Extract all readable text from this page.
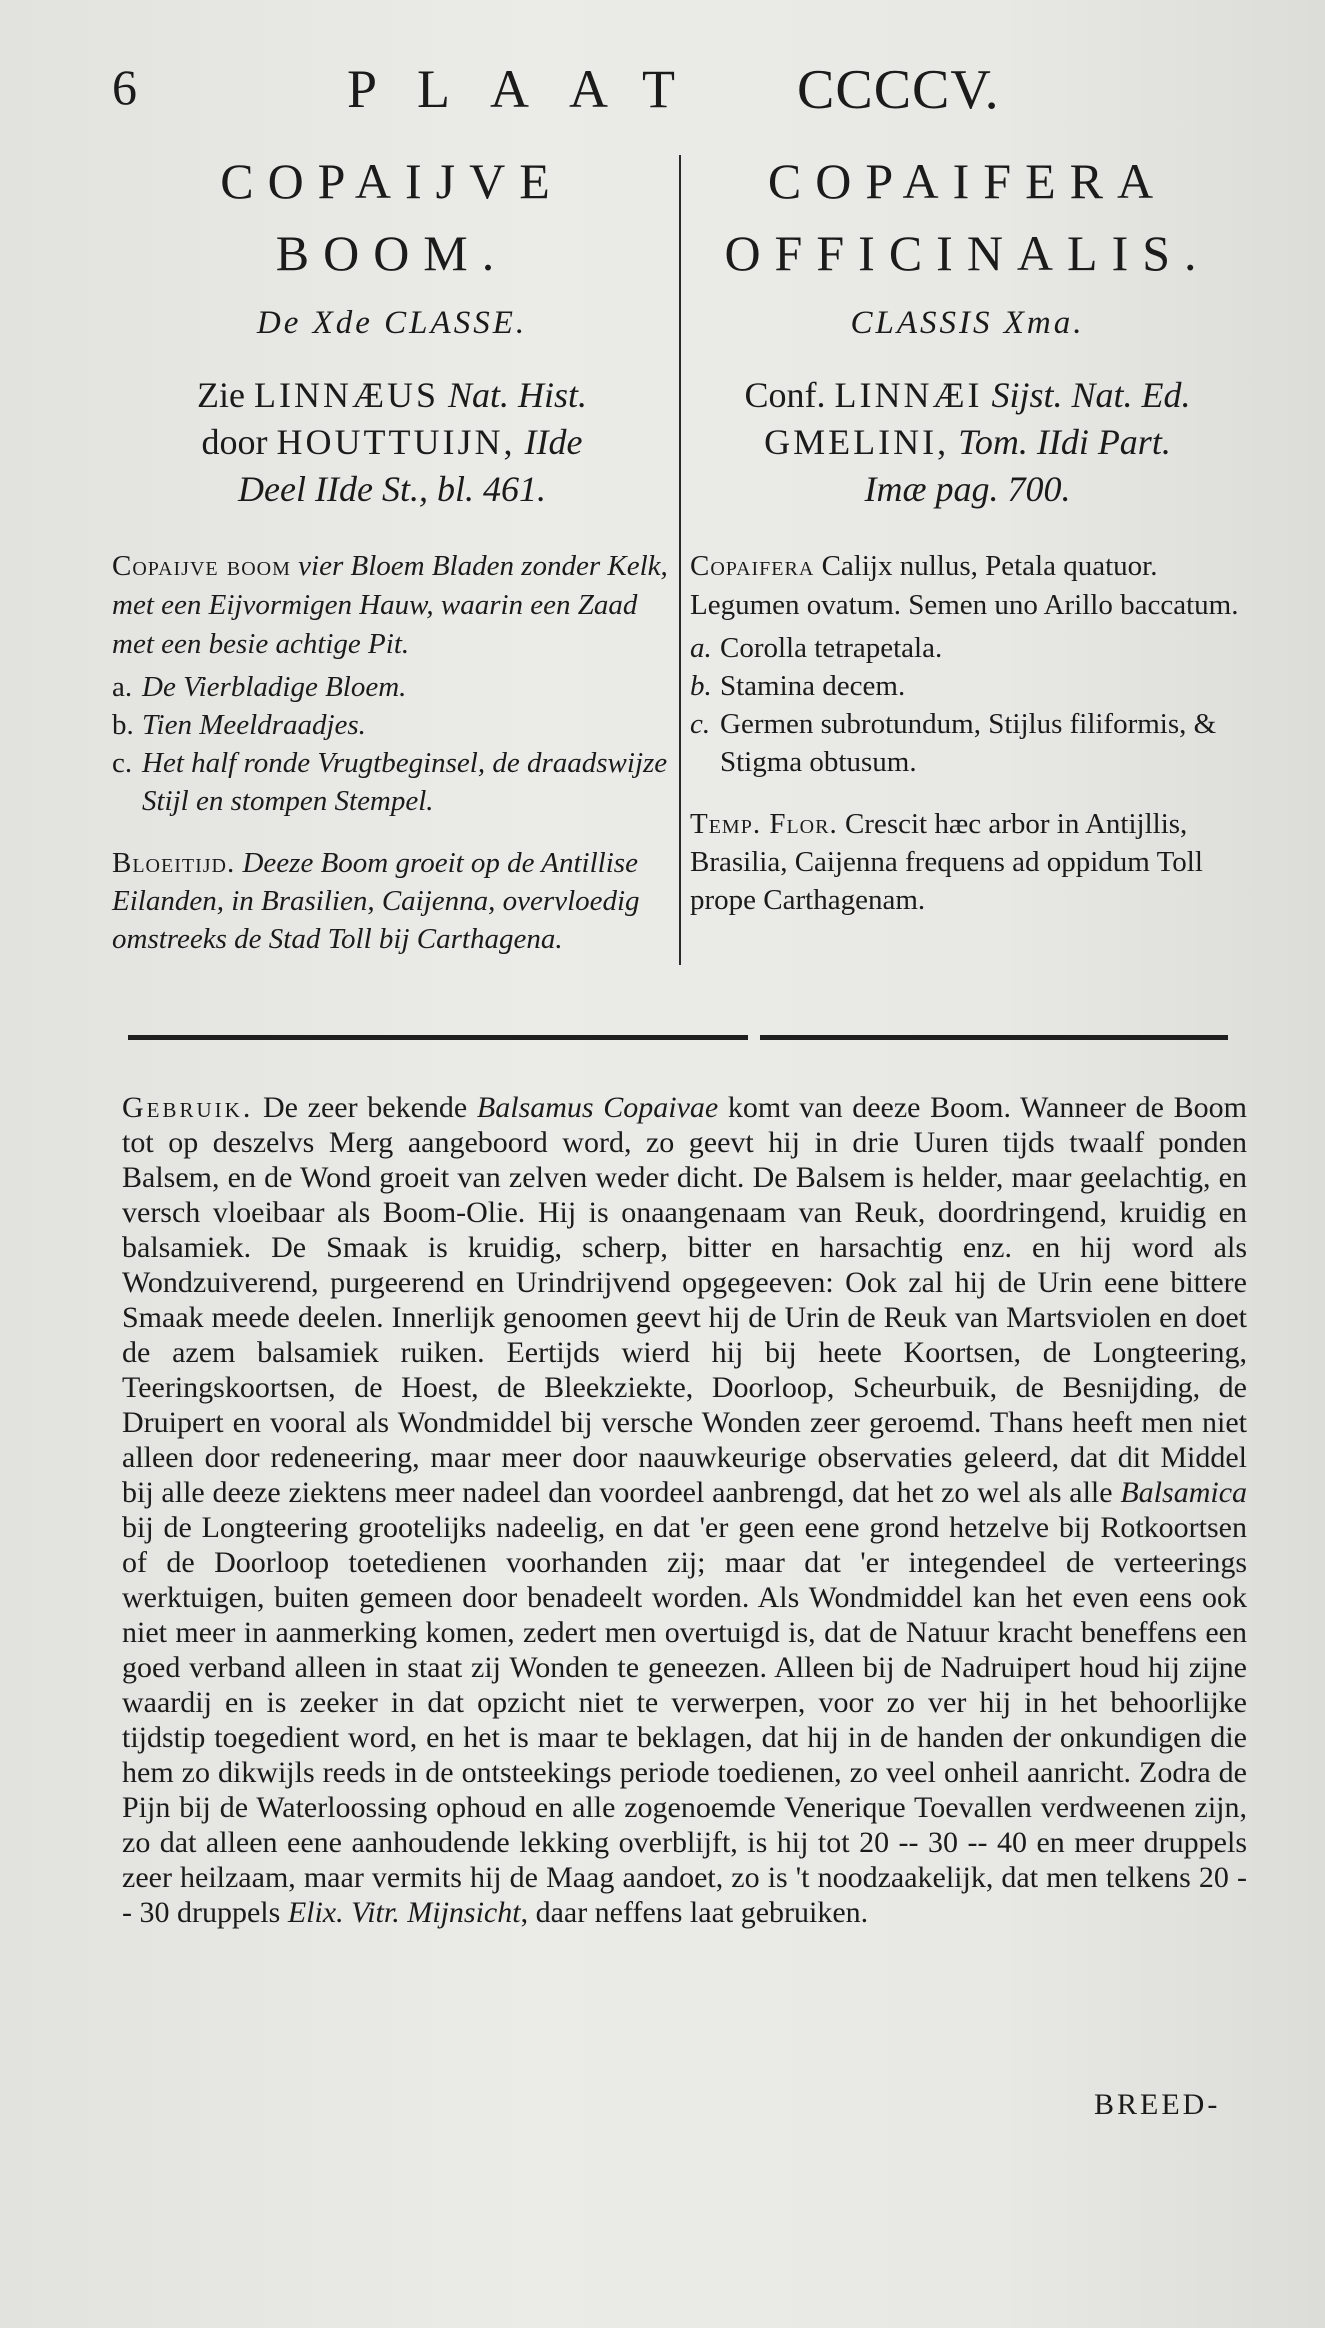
6	PLAAT CCCCV.
COPAIJVE
BOOM.
De Xde CLASSE.
Zie LINNÆUS Nat. Hist.
door HOUTTUIJN, IIde
Deel IIde St., bl. 461.
Copaijve boom vier Bloem Bladen zonder Kelk, met een Eijvormigen Hauw, waarin een Zaad met een besie achtige Pit.
a. De Vierbladige Bloem.
b. Tien Meeldraadjes.
c. Het half ronde Vrugtbeginsel, de draadswijze Stijl en stompen Stempel.
Bloeitijd. Deeze Boom groeit op de Antillise Eilanden, in Brasilien, Caijenna, overvloedig omstreeks de Stad Toll bij Carthagena.
COPAIFERA
OFFICINALIS.
CLASSIS Xma.
Conf. LINNÆI Sijst. Nat. Ed.
GMELINI, Tom. IIdi Part.
Imæ pag. 700.
Copaifera Calijx nullus, Petala quatuor. Legumen ovatum. Semen uno Arillo baccatum.
a. Corolla tetrapetala.
b. Stamina decem.
c. Germen subrotundum, Stijlus filiformis, & Stigma obtusum.
Temp. Flor. Crescit hæc arbor in Antijllis, Brasilia, Caijenna frequens ad oppidum Toll prope Carthagenam.
Gebruik. De zeer bekende Balsamus Copaivae komt van deeze Boom. Wanneer de Boom tot op deszelvs Merg aangeboord word, zo geevt hij in drie Uuren tijds twaalf ponden Balsem, en de Wond groeit van zelven weder dicht. De Balsem is helder, maar geelachtig, en versch vloeibaar als Boom-Olie. Hij is onaangenaam van Reuk, doordringend, kruidig en balsamiek. De Smaak is kruidig, scherp, bitter en harsachtig enz. en hij word als Wondzuiverend, purgeerend en Urindrijvend opgegeeven: Ook zal hij de Urin eene bittere Smaak meede deelen. Innerlijk genoomen geevt hij de Urin de Reuk van Martsviolen en doet de azem balsamiek ruiken. Eertijds wierd hij bij heete Koortsen, de Longteering, Teeringskoortsen, de Hoest, de Bleekziekte, Doorloop, Scheurbuik, de Besnijding, de Druipert en vooral als Wondmiddel bij versche Wonden zeer geroemd. Thans heeft men niet alleen door redeneering, maar meer door naauwkeurige observaties geleerd, dat dit Middel bij alle deeze ziektens meer nadeel dan voordeel aanbrengd, dat het zo wel als alle Balsamica bij de Longteering grootelijks nadeelig, en dat 'er geen eene grond hetzelve bij Rotkoortsen of de Doorloop toetedienen voorhanden zij; maar dat 'er integendeel de verteerings werktuigen, buiten gemeen door benadeelt worden. Als Wondmiddel kan het even eens ook niet meer in aanmerking komen, zedert men overtuigd is, dat de Natuur kracht beneffens een goed verband alleen in staat zij Wonden te geneezen. Alleen bij de Nadruipert houd hij zijne waardij en is zeeker in dat opzicht niet te verwerpen, voor zo ver hij in het behoorlijke tijdstip toegedient word, en het is maar te beklagen, dat hij in de handen der onkundigen die hem zo dikwijls reeds in de ontsteekings periode toedienen, zo veel onheil aanricht. Zodra de Pijn bij de Waterloossing ophoud en alle zogenoemde Venerique Toevallen verdweenen zijn, zo dat alleen eene aanhoudende lekking overblijft, is hij tot 20 -- 30 -- 40 en meer druppels zeer heilzaam, maar vermits hij de Maag aandoet, zo is 't noodzaakelijk, dat men telkens 20 -- 30 druppels Elix. Vitr. Mijnsicht, daar neffens laat gebruiken.
BREED-
